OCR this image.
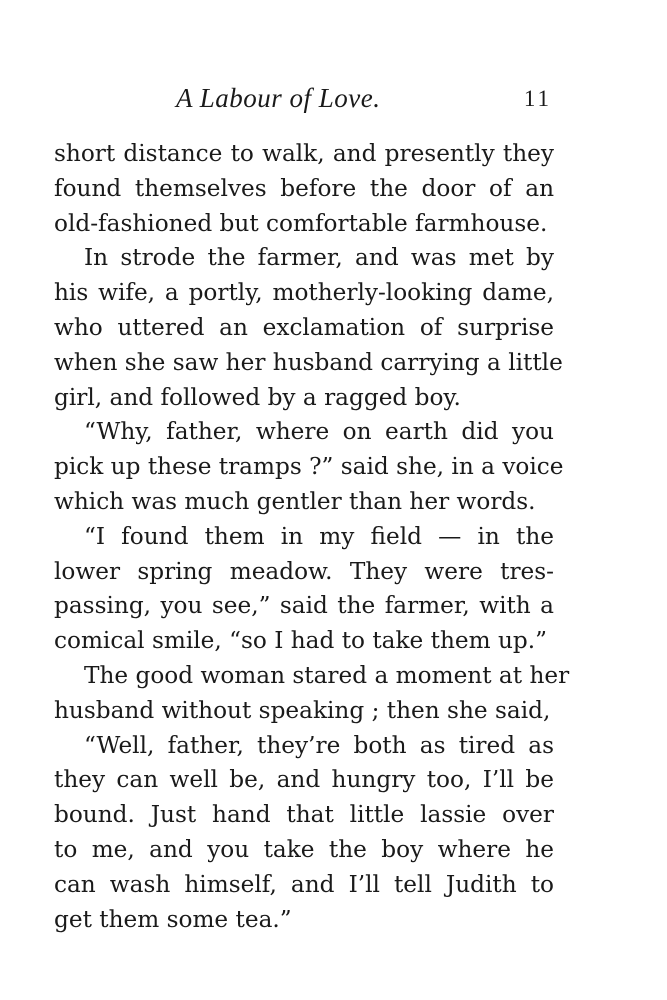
A Labour of Love.	11
short distance to walk, and presently they
found themselves before the door of an
old-fashioned but comfortable farmhouse.
In strode the farmer, and was met by
his wife, a portly, motherly-looking dame,
who uttered an exclamation of surprise
when she saw her husband carrying a little
girl, and followed by a ragged boy.
“Why, father, where on earth did you
pick up these tramps ?” said she, in a voice
which was much gentler than her words.
“I found them in my field — in the
lower spring meadow. They were tres-
passing, you see,” said the farmer, with a
comical smile, “so I had to take them up.”
The good woman stared a moment at her
husband without speaking ; then she said,
“Well, father, they’re both as tired as
they can well be, and hungry too, I’ll be
bound. Just hand that little lassie over
to me, and you take the boy where he
can wash himself, and I’ll tell Judith to
get them some tea.”
